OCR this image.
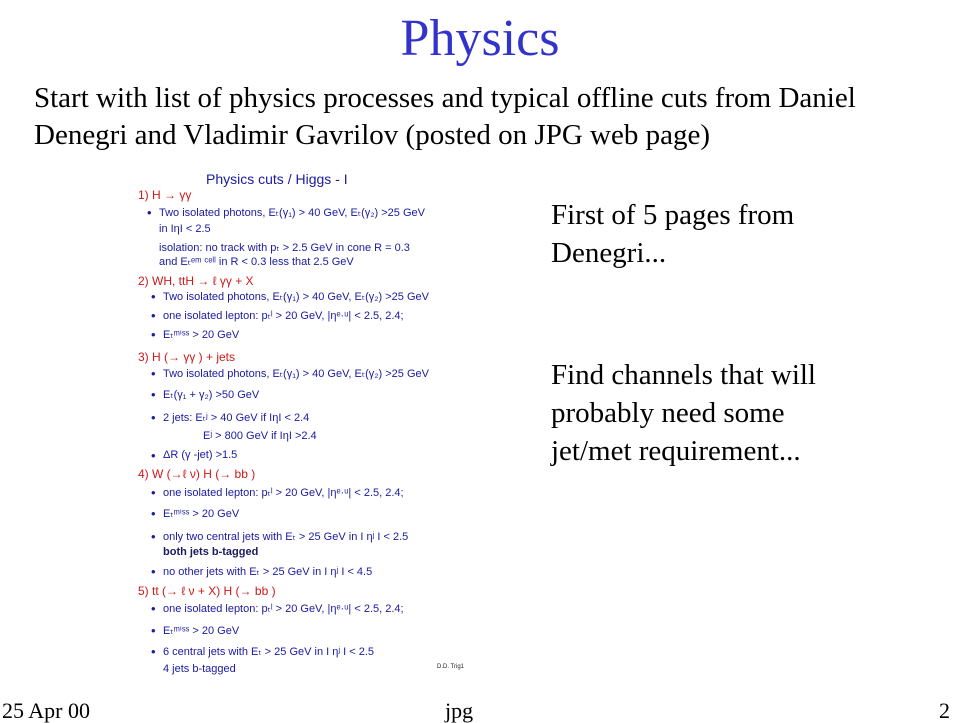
Physics
Start with list of physics processes and typical offline cuts from Daniel Denegri and Vladimir Gavrilov (posted on JPG web page)
Physics cuts / Higgs - I
1) H → γγ
• Two isolated photons, Eₜ(γ₁) > 40 GeV, Eₜ(γ₂) >25 GeV
in IηI < 2.5
isolation: no track with pₜ > 2.5 GeV in cone R = 0.3
and Eₜᵉᵐ ᶜᵉˡˡ in R < 0.3 less that 2.5 GeV
2) WH, ttH → ℓ γγ + X
• Two isolated photons, Eₜ(γ₁) > 40 GeV, Eₜ(γ₂) >25 GeV
• one isolated lepton: pₜˡ > 20 GeV, |ηᵉ·ᵘ| < 2.5, 2.4;
• Eₜᵐⁱˢˢ > 20 GeV
3) H (→ γγ ) + jets
• Two isolated photons, Eₜ(γ₁) > 40 GeV, Eₜ(γ₂) >25 GeV
• Eₜ(γ₁ + γ₂) >50 GeV
• 2 jets: Eₜʲ > 40 GeV if IηI < 2.4
Eʲ > 800 GeV if IηI >2.4
• ΔR (γ -jet) >1.5
4) W (→ℓ ν) H (→ bb )
• one isolated lepton: pₜˡ > 20 GeV, |ηᵉ·ᵘ| < 2.5, 2.4;
• Eₜᵐⁱˢˢ > 20 GeV
• only two central jets with Eₜ > 25 GeV in I ηʲ I < 2.5
both jets b-tagged
• no other jets with Eₜ > 25 GeV in I ηʲ I < 4.5
5) tt (→ ℓ ν + X) H (→ bb )
• one isolated lepton: pₜˡ > 20 GeV, |ηᵉ·ᵘ| < 2.5, 2.4;
• Eₜᵐⁱˢˢ > 20 GeV
• 6 central jets with Eₜ > 25 GeV in I ηʲ I < 2.5
4 jets b-tagged	D.D. Trig1
First of 5 pages from Denegri...
Find channels that will probably need some jet/met requirement...
25 Apr 00	jpg	2
